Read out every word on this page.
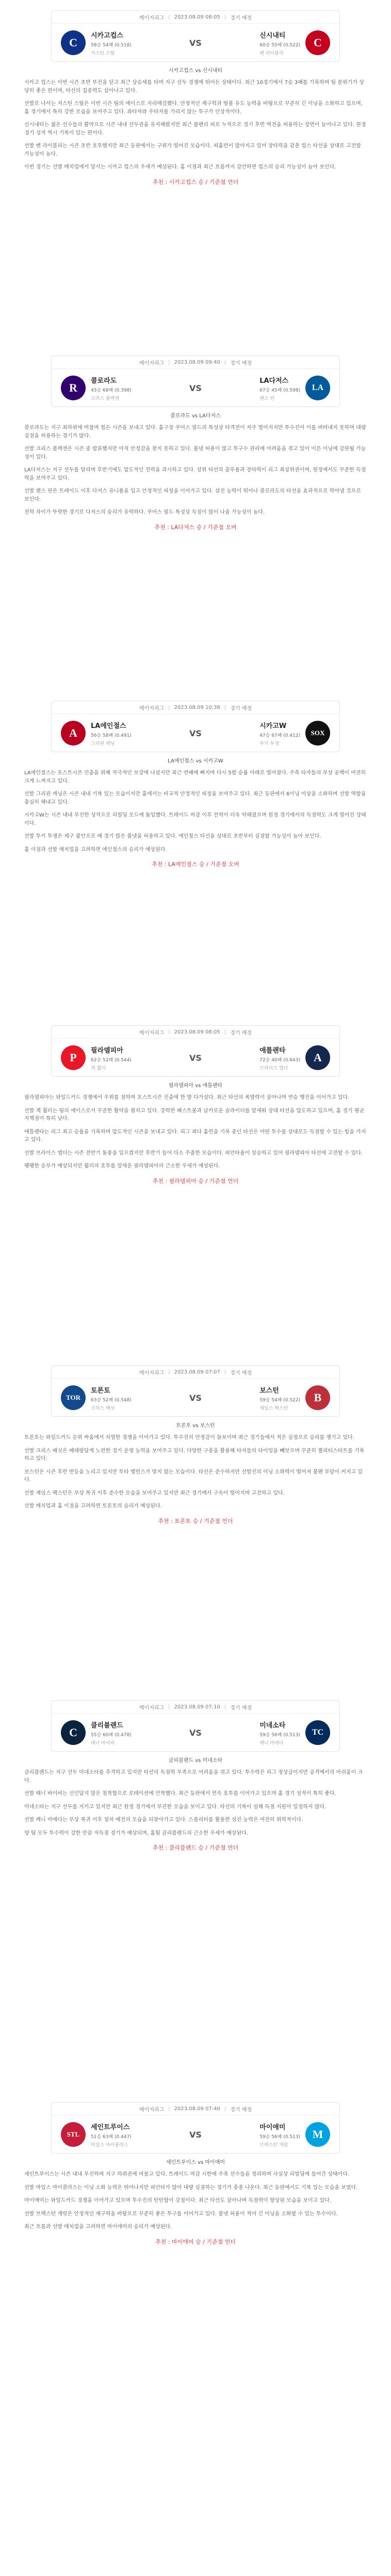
메이저리그 | 2023.08.09 08:05 | 경기 예정
C
시카고컵스
58승 54패 (0.518)
저스틴 스틸
VS
신시내티
60승 55패 (0.522)
벤 라이블리
C
시카고컵스 vs 신시내티

시카고 컵스는 이번 시즌 초반 부진을 딛고 최근 상승세를 타며 지구 선두 경쟁에 뛰어든 상태이다. 최근 10경기에서 7승 3패를 기록하며 팀 분위기가 상당히 좋은 편이며, 타선의 집중력도 살아나고 있다.

선발로 나서는 저스틴 스틸은 이번 시즌 팀의 에이스로 자리매김했다. 안정적인 제구력과 땅볼 유도 능력을 바탕으로 꾸준히 긴 이닝을 소화하고 있으며, 홈 경기에서 특히 강한 모습을 보여주고 있다. 좌타자와 우타자를 가리지 않는 투구가 인상적이다.

신시내티는 젊은 선수들의 활약으로 시즌 내내 선두권을 유지해왔지만 최근 불펜의 피로 누적으로 경기 후반 역전을 허용하는 장면이 늘어나고 있다. 원정 경기 성적 역시 기복이 있는 편이다.

선발 벤 라이블리는 시즌 초반 호투했지만 최근 등판에서는 구위가 떨어진 모습이다. 피홈런이 많아지고 있어 장타력을 갖춘 컵스 타선을 상대로 고전할 가능성이 높다.

이번 경기는 선발 매치업에서 앞서는 시카고 컵스의 우세가 예상된다. 홈 이점과 최근 흐름까지 감안하면 컵스의 승리 가능성이 높아 보인다.

추천 : 시카고컵스 승 / 기준점 언더
메이저리그 | 2023.08.09 09:40 | 경기 예정
R
콜로라도
45승 68패 (0.398)
크리스 플렉센
VS
LA다저스
67승 45패 (0.598)
랜스 린
LA
콜로라도 vs LA다저스

콜로라도는 지구 최하위에 머물며 힘든 시즌을 보내고 있다. 홈구장 쿠어스 필드의 특성상 타격전이 자주 벌어지지만 투수진이 이를 버텨내지 못하며 대량 실점을 허용하는 경기가 많다.

선발 크리스 플렉센은 시즌 중 합류했지만 아직 안정감을 찾지 못하고 있다. 볼넷 허용이 많고 투구수 관리에 어려움을 겪고 있어 이른 이닝에 강판될 가능성이 있다.

LA다저스는 지구 선두를 달리며 후반기에도 압도적인 전력을 과시하고 있다. 상위 타선의 출루율과 장타력이 리그 최상위권이며, 원정에서도 꾸준한 득점력을 보여주고 있다.

선발 랜스 린은 트레이드 이후 다저스 유니폼을 입고 안정적인 피칭을 이어가고 있다. 삼진 능력이 뛰어나 콜로라도의 타선을 효과적으로 막아낼 것으로 보인다.

전력 차이가 뚜렷한 경기로 다저스의 승리가 유력하다. 쿠어스 필드 특성상 득점이 많이 나올 가능성이 높다.

추천 : LA다저스 승 / 기준점 오버
메이저리그 | 2023.08.09 10:38 | 경기 예정
A
LA에인절스
56승 58패 (0.491)
그리핀 캐닝
VS
시카고W
47승 67패 (0.412)
투키 투생
SOX
LA에인절스 vs 시카고W

LA에인절스는 포스트시즌 진출을 위해 적극적인 보강에 나섰지만 최근 연패에 빠지며 다시 5할 승률 아래로 떨어졌다. 주축 타자들의 부상 공백이 여전히 크게 느껴지고 있다.

선발 그리핀 캐닝은 시즌 내내 기복 있는 모습이지만 홈에서는 비교적 안정적인 피칭을 보여주고 있다. 최근 등판에서 6이닝 이상을 소화하며 선발 역할을 충실히 해내고 있다.

시카고W는 시즌 내내 부진한 성적으로 리빌딩 모드에 돌입했다. 트레이드 마감 이후 전력이 더욱 약해졌으며 원정 경기에서의 득점력도 크게 떨어진 상태이다.

선발 투키 투생은 제구 불안으로 매 경기 많은 볼넷을 허용하고 있다. 에인절스 타선을 상대로 초반부터 실점할 가능성이 높아 보인다.

홈 이점과 선발 매치업을 고려하면 에인절스의 승리가 예상된다.

추천 : LA에인절스 승 / 기준점 오버
메이저리그 | 2023.08.09 08:05 | 경기 예정
P
필라델피아
62승 52패 (0.544)
잭 휠러
VS
애틀랜타
72승 40패 (0.643)
브라이스 엘더
A
필라델피아 vs 애틀랜타

필라델피아는 와일드카드 경쟁에서 우위를 점하며 포스트시즌 진출에 한 발 다가섰다. 최근 타선의 폭발력이 살아나며 연승 행진을 이어가고 있다.

선발 잭 휠러는 팀의 에이스로서 꾸준한 활약을 펼치고 있다. 강력한 패스트볼과 날카로운 슬라이더를 앞세워 상대 타선을 압도하고 있으며, 홈 경기 평균자책점이 특히 낮다.

애틀랜타는 리그 최고 승률을 기록하며 압도적인 시즌을 보내고 있다. 리그 최다 홈런을 기록 중인 타선은 어떤 투수를 상대로도 득점할 수 있는 힘을 가지고 있다.

선발 브라이스 엘더는 시즌 전반기 돌풍을 일으켰지만 후반기 들어 다소 주춤한 모습이다. 피안타율이 상승하고 있어 필라델피아 타선에 고전할 수 있다.

팽팽한 승부가 예상되지만 휠러의 호투를 앞세운 필라델피아의 근소한 우세가 예상된다.

추천 : 필라델피아 승 / 기준점 언더
메이저리그 | 2023.08.09 07:07 | 경기 예정
TOR
토론토
63승 52패 (0.548)
크리스 배싯
VS
보스턴
59승 54패 (0.522)
제임스 팩스턴
B
토론토 vs 보스턴

토론토는 와일드카드 순위 싸움에서 치열한 경쟁을 이어가고 있다. 투수진의 안정감이 돋보이며 최근 경기들에서 적은 실점으로 승리를 챙기고 있다.

선발 크리스 배싯은 베테랑답게 노련한 경기 운영 능력을 보여주고 있다. 다양한 구종을 활용해 타자들의 타이밍을 빼앗으며 꾸준히 퀄리티스타트를 기록하고 있다.

보스턴은 시즌 후반 반등을 노리고 있지만 투타 밸런스가 맞지 않는 모습이다. 타선은 준수하지만 선발진의 이닝 소화력이 떨어져 불펜 부담이 커지고 있다.

선발 제임스 팩스턴은 부상 복귀 이후 준수한 모습을 보여주고 있지만 최근 경기에서 구속이 떨어지며 고전하고 있다.

선발 매치업과 홈 이점을 고려하면 토론토의 승리가 예상된다.

추천 : 토론토 승 / 기준점 언더
메이저리그 | 2023.08.09 07:10 | 경기 예정
C
클리블랜드
55승 60패 (0.478)
태너 바이비
VS
미네소타
59승 56패 (0.513)
케니 마에다
TC
클리블랜드 vs 미네소타

클리블랜드는 지구 선두 미네소타를 추격하고 있지만 타선의 득점력 부족으로 어려움을 겪고 있다. 투수력은 리그 정상급이지만 공격에서의 아쉬움이 크다.

선발 태너 바이비는 신인답지 않은 침착함으로 로테이션에 안착했다. 최근 등판에서 연속 호투를 이어가고 있으며 홈 경기 성적이 특히 좋다.

미네소타는 지구 선두를 지키고 있지만 최근 원정 경기에서 부진한 모습을 보이고 있다. 타선의 기복이 심해 득점 지원이 일정하지 않다.

선발 케니 마에다는 부상 복귀 이후 점차 예전의 모습을 되찾아가고 있다. 스플리터를 활용한 삼진 능력은 여전히 위력적이다.

양 팀 모두 투수력이 강한 만큼 저득점 경기가 예상되며, 홈팀 클리블랜드의 근소한 우세가 예상된다.

추천 : 클리블랜드 승 / 기준점 언더
메이저리그 | 2023.08.09 07:40 | 경기 예정
STL
세인트루이스
51승 63패 (0.447)
마일스 마이콜라스
VS
마이애미
59승 56패 (0.513)
브랙스턴 개럿
M
세인트루이스 vs 마이애미

세인트루이스는 시즌 내내 부진하며 지구 하위권에 머물고 있다. 트레이드 마감 시한에 주축 선수들을 정리하며 사실상 리빌딩에 들어간 상태이다.

선발 마일스 마이콜라스는 이닝 소화 능력은 뛰어나지만 피안타가 많아 대량 실점하는 경기가 종종 나온다. 최근 등판에서도 기복 있는 모습을 보였다.

마이애미는 와일드카드 경쟁을 이어가고 있으며 투수진의 탄탄함이 강점이다. 최근 타선도 살아나며 득점력이 향상된 모습을 보이고 있다.

선발 브랙스턴 개럿은 안정적인 제구력을 바탕으로 꾸준히 좋은 투구를 이어가고 있다. 볼넷 허용이 적어 긴 이닝을 소화할 수 있는 투수이다.

최근 흐름과 선발 매치업을 고려하면 마이애미의 승리가 예상된다.

추천 : 마이애미 승 / 기준점 언더
